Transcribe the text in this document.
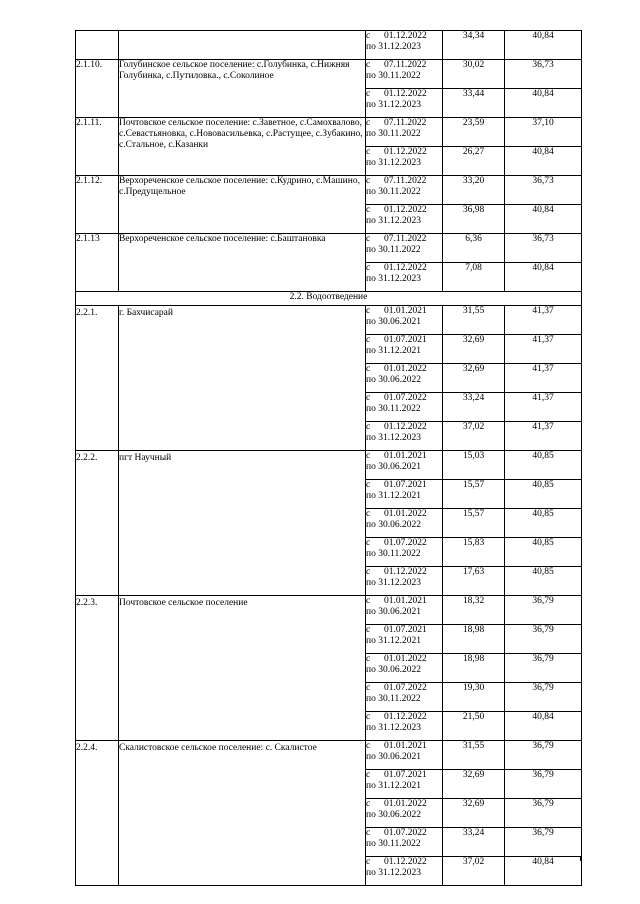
		с 01.12.2022
по 31.12.2023	34,34	40,84
2.1.10.	Голубинское сельское поселение: с.Голубинка, с.Нижняя Голубинка, с.Путиловка., с.Соколиное	с 07.11.2022
по 30.11.2022	30,02	36,73

		с 01.12.2022
по 31.12.2023	33,44	40,84
2.1.11.	Почтовское сельское поселение: с.Заветное, с.Самохвалово, с.Севастьяновка, с.Нововасильевка, с.Растущее, с.Зубакино, с.Стальное, с.Казанки	с 07.11.2022
по 30.11.2022	23,59	37,10

		с 01.12.2022
по 31.12.2023	26,27	40,84
2.1.12.	Верхореченское сельское поселение: с.Кудрино, с.Машино, с.Предущельное	с 07.11.2022
по 30.11.2022	33,20	36,73

		с 01.12.2022
по 31.12.2023	36,98	40,84
2.1.13	Верхореченское сельское поселение: с.Баштановка	с 07.11.2022
по 30.11.2022	6,36	36,73

		с 01.12.2022
по 31.12.2023	7,08	40,84
2.2. Водоотведение				
2.2.1.	г. Бахчисарай	с 01.01.2021
по 30.06.2021	31,55	41,37

		с 01.07.2021
по 31.12.2021	32,69	41,37

		с 01.01.2022
по 30.06.2022	32,69	41,37

		с 01.07.2022
по 30.11.2022	33,24	41,37

		с 01.12.2022
по 31.12.2023	37,02	41,37
2.2.2.	пгт Научный	с 01.01.2021
по 30.06.2021	15,03	40,85

		с 01.07.2021
по 31.12.2021	15,57	40,85

		с 01.01.2022
по 30.06.2022	15,57	40,85

		с 01.07.2022
по 30.11.2022	15,83	40,85

		с 01.12.2022
по 31.12.2023	17,63	40,85
2.2.3.	Почтовское сельское поселение	с 01.01.2021
по 30.06.2021	18,32	36,79

		с 01.07.2021
по 31.12.2021	18,98	36,79

		с 01.01.2022
по 30.06.2022	18,98	36,79

		с 01.07.2022
по 30.11.2022	19,30	36,79

		с 01.12.2022
по 31.12.2023	21,50	40,84
2.2.4.	Скалистовское сельское поселение: с. Скалистое	с 01.01.2021
по 30.06.2021	31,55	36,79

		с 01.07.2021
по 31.12.2021	32,69	36,79

		с 01.01.2022
по 30.06.2022	32,69	36,79

		с 01.07.2022
по 30.11.2022	33,24	36,79

		с 01.12.2022
по 31.12.2023	37,02	40,84
